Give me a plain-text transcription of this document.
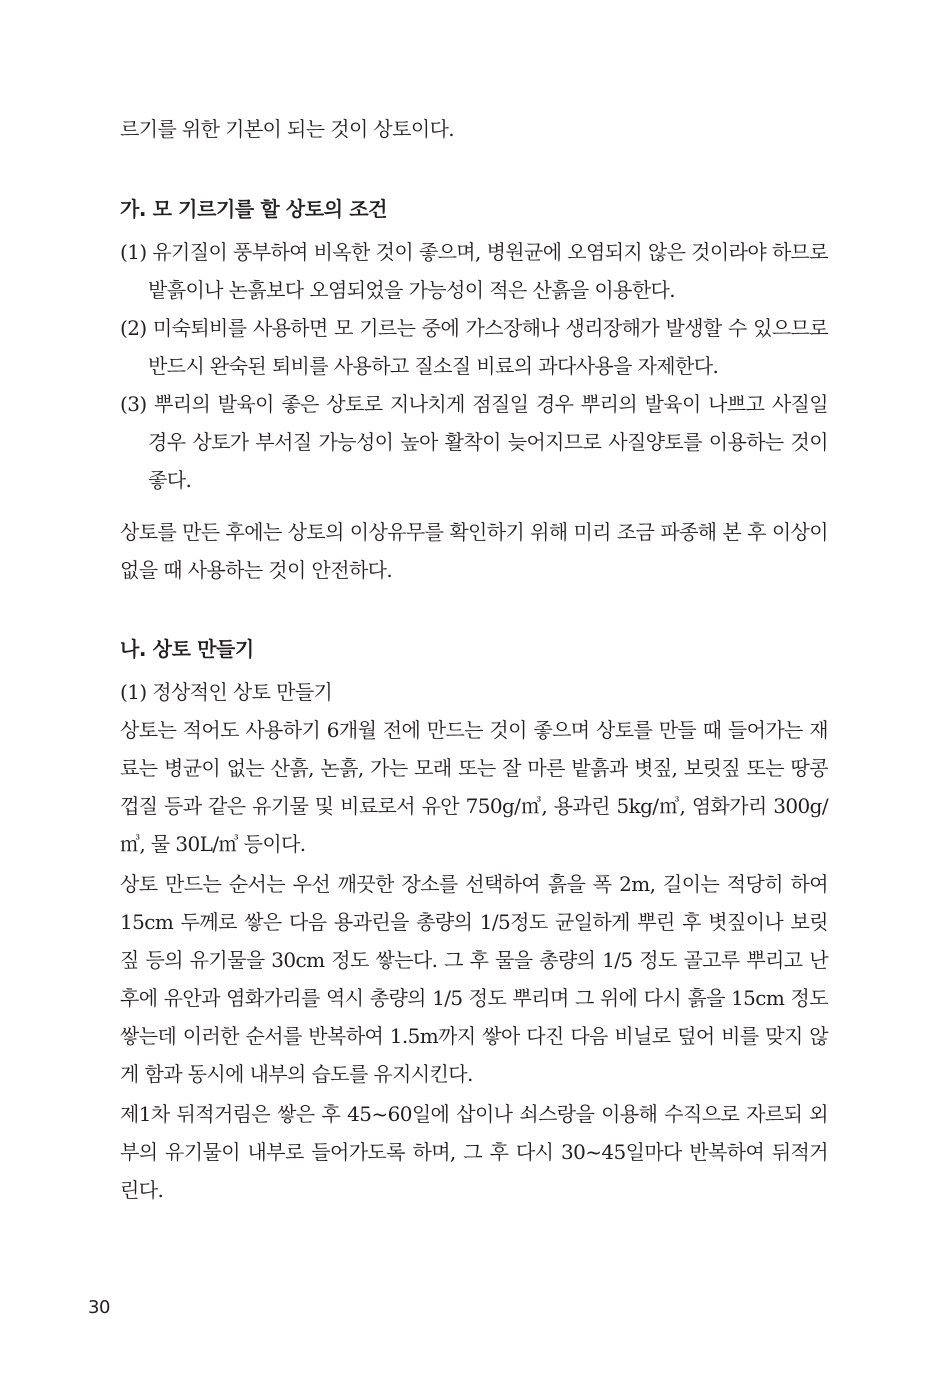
르기를 위한 기본이 되는 것이 상토이다.

가. 모 기르기를 할 상토의 조건

(1) 유기질이 풍부하여 비옥한 것이 좋으며, 병원균에 오염되지 않은 것이라야 하므로 밭흙이나 논흙보다 오염되었을 가능성이 적은 산흙을 이용한다.

(2) 미숙퇴비를 사용하면 모 기르는 중에 가스장해나 생리장해가 발생할 수 있으므로 반드시 완숙된 퇴비를 사용하고 질소질 비료의 과다사용을 자제한다.

(3) 뿌리의 발육이 좋은 상토로 지나치게 점질일 경우 뿌리의 발육이 나쁘고 사질일 경우 상토가 부서질 가능성이 높아 활착이 늦어지므로 사질양토를 이용하는 것이 좋다.

상토를 만든 후에는 상토의 이상유무를 확인하기 위해 미리 조금 파종해 본 후 이상이 없을 때 사용하는 것이 안전하다.

나. 상토 만들기

(1) 정상적인 상토 만들기

상토는 적어도 사용하기 6개월 전에 만드는 것이 좋으며 상토를 만들 때 들어가는 재료는 병균이 없는 산흙, 논흙, 가는 모래 또는 잘 마른 밭흙과 볏짚, 보릿짚 또는 땅콩껍질 등과 같은 유기물 및 비료로서 유안 750g/㎥, 용과린 5kg/㎥, 염화가리 300g/㎥, 물 30L/㎥ 등이다.

상토 만드는 순서는 우선 깨끗한 장소를 선택하여 흙을 폭 2m, 길이는 적당히 하여 15cm 두께로 쌓은 다음 용과린을 총량의 1/5정도 균일하게 뿌린 후 볏짚이나 보릿짚 등의 유기물을 30cm 정도 쌓는다. 그 후 물을 총량의 1/5 정도 골고루 뿌리고 난 후에 유안과 염화가리를 역시 총량의 1/5 정도 뿌리며 그 위에 다시 흙을 15cm 정도 쌓는데 이러한 순서를 반복하여 1.5m까지 쌓아 다진 다음 비닐로 덮어 비를 맞지 않게 함과 동시에 내부의 습도를 유지시킨다.

제1차 뒤적거림은 쌓은 후 45~60일에 삽이나 쇠스랑을 이용해 수직으로 자르되 외부의 유기물이 내부로 들어가도록 하며, 그 후 다시 30~45일마다 반복하여 뒤적거린다.

30
